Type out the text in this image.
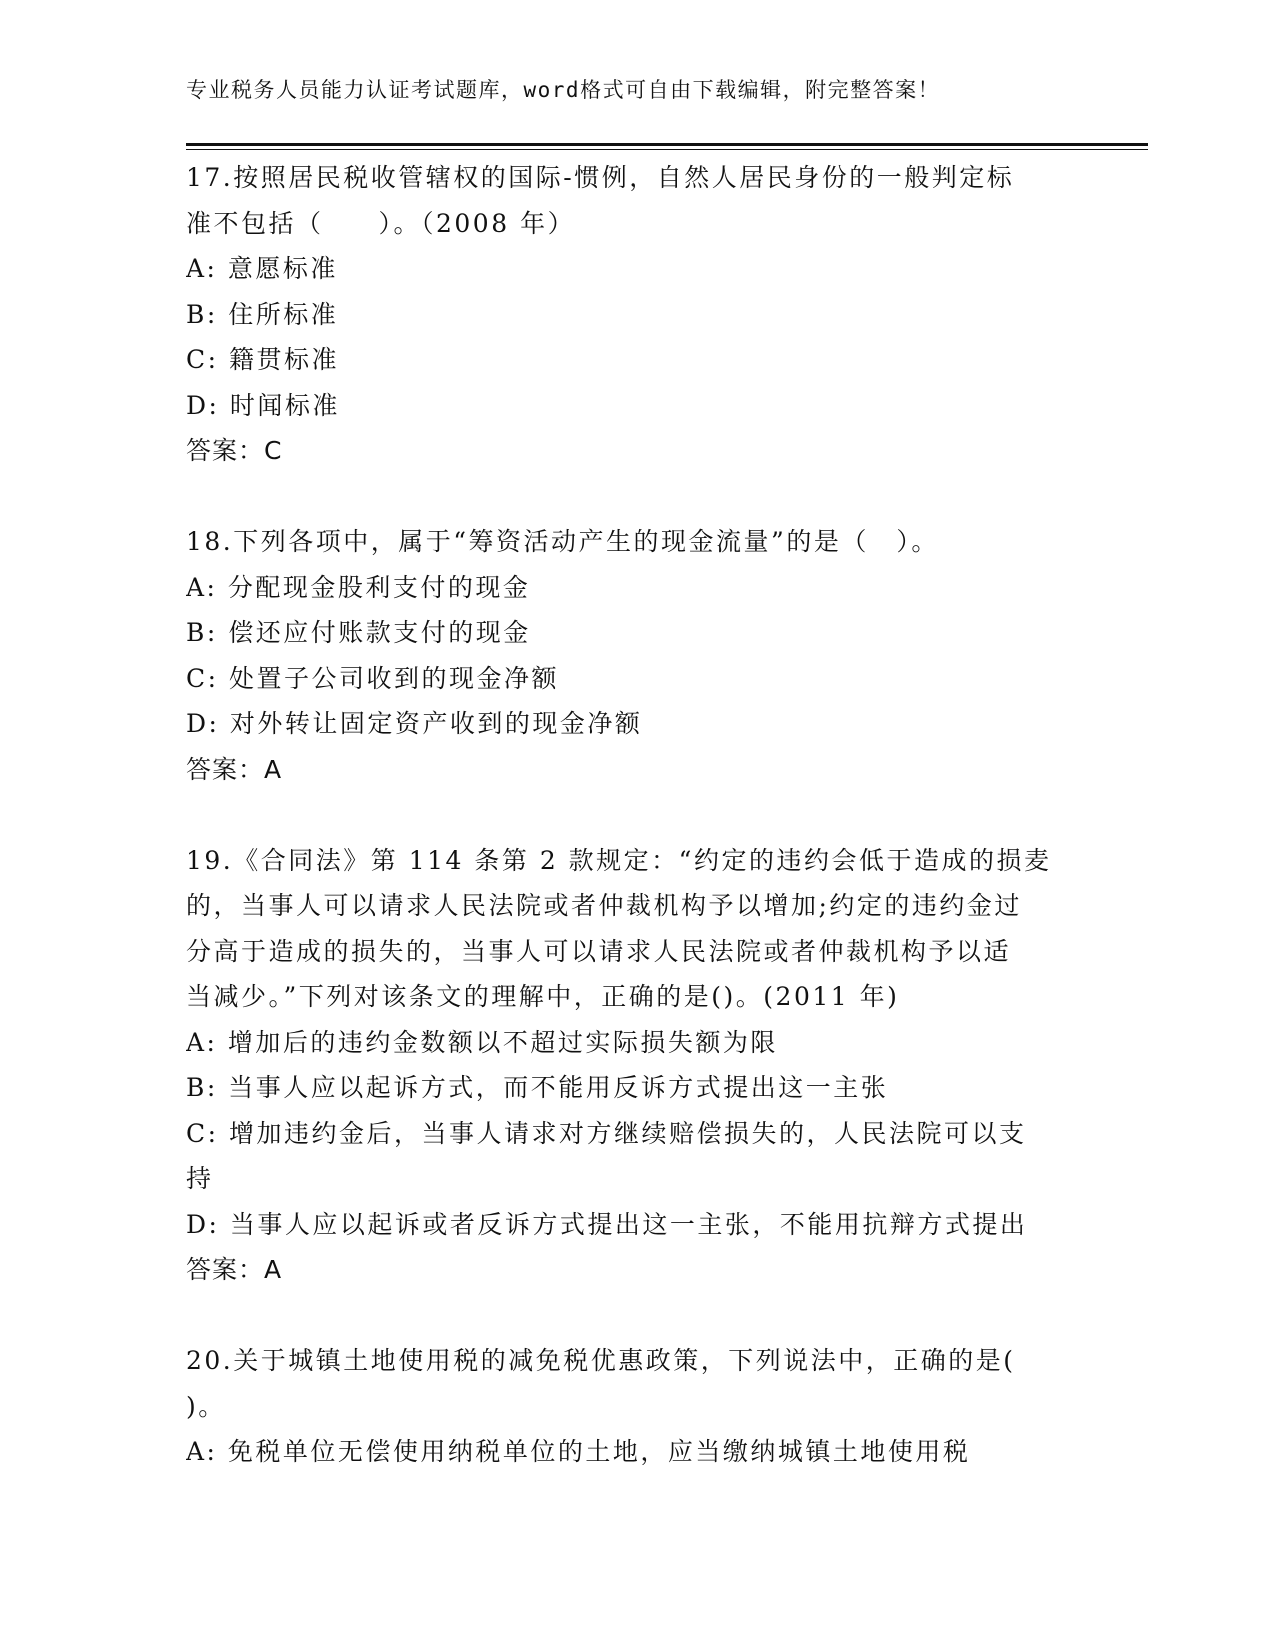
专业税务人员能力认证考试题库，word格式可自由下载编辑，附完整答案！
17.按照居民税收管辖权的国际-惯例，自然人居民身份的一般判定标
准不包括（　　）。（2008 年）
A: 意愿标准
B: 住所标准
C: 籍贯标准
D: 时闻标准
答案：C
18.下列各项中，属于“筹资活动产生的现金流量”的是（　）。
A: 分配现金股利支付的现金
B: 偿还应付账款支付的现金
C: 处置子公司收到的现金净额
D: 对外转让固定资产收到的现金净额
答案：A
19.《合同法》第 114 条第 2 款规定：“约定的违约会低于造成的损麦
的，当事人可以请求人民法院或者仲裁机构予以增加;约定的违约金过
分高于造成的损失的，当事人可以请求人民法院或者仲裁机构予以适
当减少。”下列对该条文的理解中，正确的是()。(2011 年)
A: 增加后的违约金数额以不超过实际损失额为限
B: 当事人应以起诉方式，而不能用反诉方式提出这一主张
C: 增加违约金后，当事人请求对方继续赔偿损失的，人民法院可以支
持
D: 当事人应以起诉或者反诉方式提出这一主张，不能用抗辩方式提出
答案：A
20.关于城镇土地使用税的减免税优惠政策，下列说法中，正确的是(
)。
A: 免税单位无偿使用纳税单位的土地，应当缴纳城镇土地使用税
